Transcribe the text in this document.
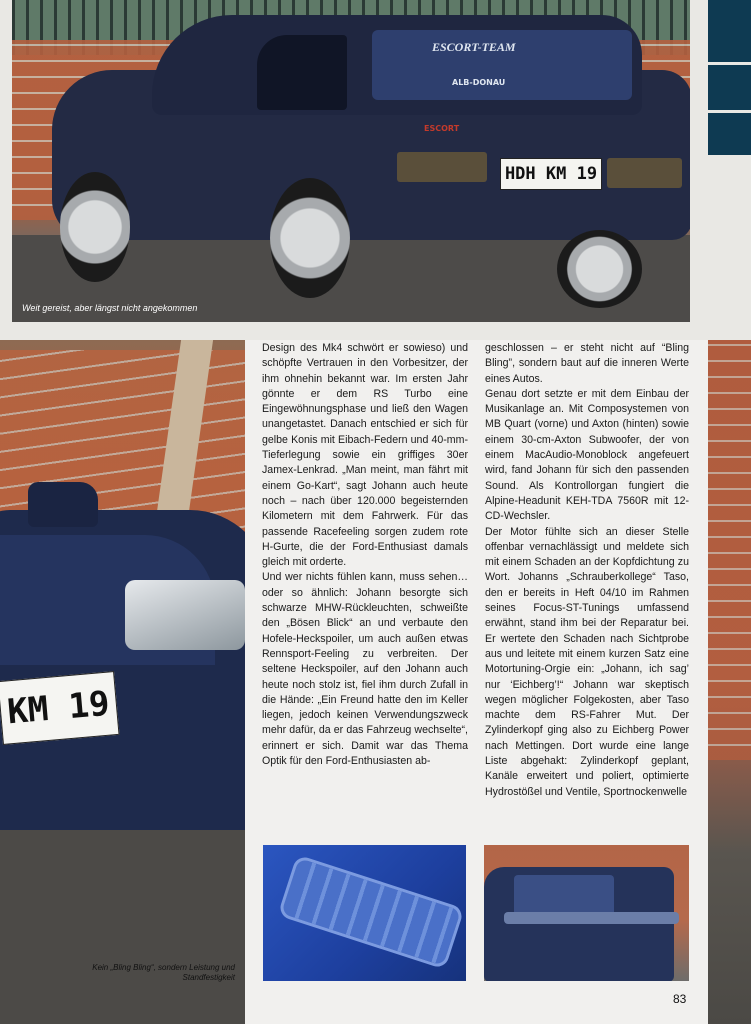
ESCORT-TEAM
ALB-DONAU
ESCORT
HDH KM 19
Weit gereist, aber längst nicht angekommen
KM 19
Kein „Bling Bling“, sondern Leistung und Standfestigkeit

Design des Mk4 schwört er sowieso) und schöpfte Vertrauen in den Vorbesitzer, der ihm ohnehin bekannt war. Im ersten Jahr gönnte er dem RS Turbo eine Eingewöhnungsphase und ließ den Wagen unangetastet. Danach entschied er sich für gelbe Konis mit Eibach-Federn und 40-mm-Tieferlegung sowie ein griffiges 30er Jamex-Lenkrad. „Man meint, man fährt mit einem Go-Kart“, sagt Johann auch heute noch – nach über 120.000 begeisternden Kilometern mit dem Fahrwerk. Für das passende Racefeeling sorgen zudem rote H-Gurte, die der Ford-Enthusiast damals gleich mit orderte.

Und wer nichts fühlen kann, muss sehen…oder so ähnlich: Johann besorgte sich schwarze MHW-Rückleuchten, schweißte den „Bösen Blick“ an und verbaute den Hofele-Heckspoiler, um auch außen etwas Rennsport-Feeling zu verbreiten. Der seltene Heckspoiler, auf den Johann auch heute noch stolz ist, fiel ihm durch Zufall in die Hände: „Ein Freund hatte den im Keller liegen, jedoch keinen Verwendungszweck mehr dafür, da er das Fahrzeug wechselte“, erinnert er sich. Damit war das Thema Optik für den Ford-Enthusiasten ab-

geschlossen – er steht nicht auf “Bling Bling”, sondern baut auf die inneren Werte eines Autos.

Genau dort setzte er mit dem Einbau der Musikanlage an. Mit Composystemen von MB Quart (vorne) und Axton (hinten) sowie einem 30-cm-Axton Subwoofer, der von einem MacAudio-Monoblock angefeuert wird, fand Johann für sich den passenden Sound. Als Kontrollorgan fungiert die Alpine-Headunit KEH-TDA 7560R mit 12-CD-Wechsler.

Der Motor fühlte sich an dieser Stelle offenbar vernachlässigt und meldete sich mit einem Schaden an der Kopfdichtung zu Wort. Johanns „Schrauberkollege“ Taso, den er bereits in Heft 04/10 im Rahmen seines Focus-ST-Tunings umfassend erwähnt, stand ihm bei der Reparatur bei. Er wertete den Schaden nach Sichtprobe aus und leitete mit einem kurzen Satz eine Motortuning-Orgie ein: „Johann, ich sag’ nur ‘Eichberg’!“ Johann war skeptisch wegen möglicher Folgekosten, aber Taso machte dem RS-Fahrer Mut. Der Zylinderkopf ging also zu Eichberg Power nach Mettingen. Dort wurde eine lange Liste abgehakt: Zylinderkopf geplant, Kanäle erweitert und poliert, optimierte Hydrostößel und Ventile, Sportnockenwelle

83
